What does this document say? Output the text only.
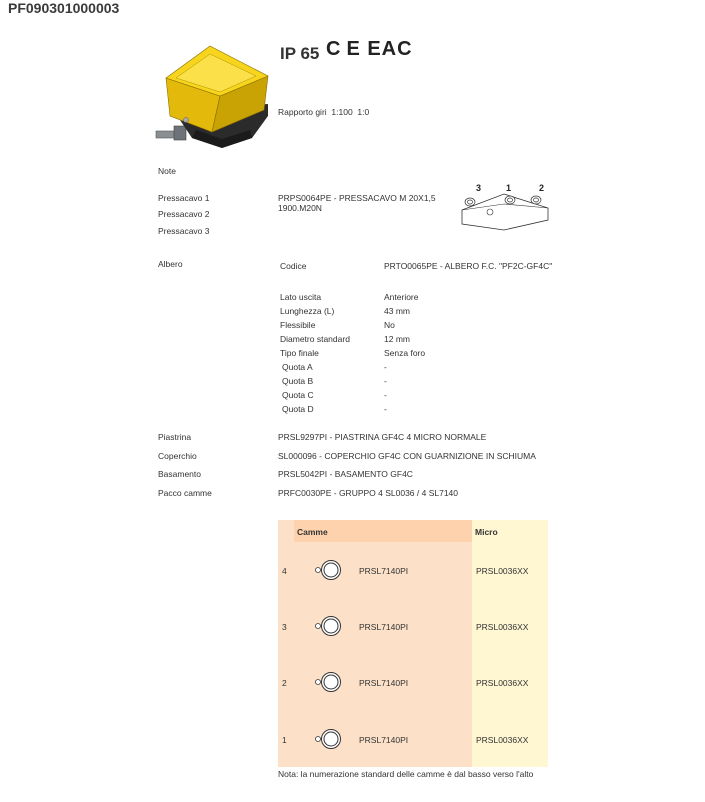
PF090301000003
IP 65 C E EAC
Rapporto giri 1:100 1:0
Note
Pressacavo 1
Pressacavo 2
Pressacavo 3
PRPS0064PE - PRESSACAVO M 20X1,5
1900.M20N
3	1	2
Albero	Codice	PRTO0065PE - ALBERO F.C. "PF2C-GF4C"
Lato uscita	Anteriore
Lunghezza (L)	43 mm
Flessibile	No
Diametro standard	12 mm
Tipo finale	Senza foro
Quota A	-
Quota B	-
Quota C	-
Quota D	-
Piastrina	PRSL9297PI - PIASTRINA GF4C 4 MICRO NORMALE
Coperchio	SL000096 - COPERCHIO GF4C CON GUARNIZIONE IN SCHIUMA
Basamento	PRSL5042PI - BASAMENTO GF4C
Pacco camme	PRFC0030PE - GRUPPO 4 SL0036 / 4 SL7140
Camme	Micro
4	PRSL7140PI	PRSL0036XX
3	PRSL7140PI	PRSL0036XX
2	PRSL7140PI	PRSL0036XX
1	PRSL7140PI	PRSL0036XX
Nota: la numerazione standard delle camme è dal basso verso l'alto
